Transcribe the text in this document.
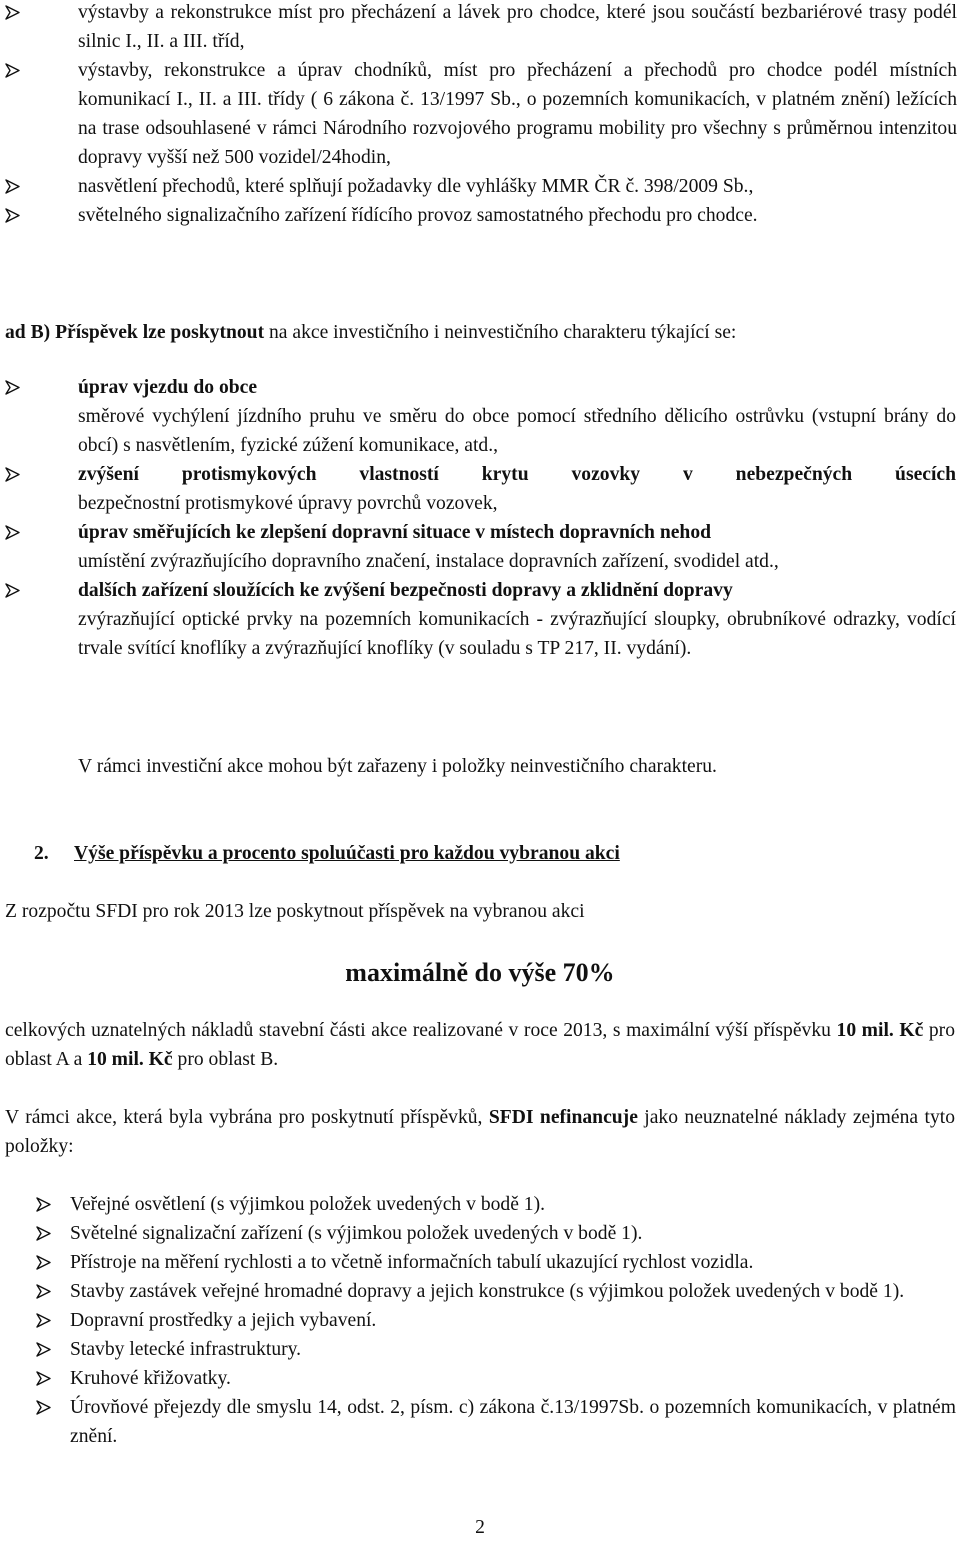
výstavby a rekonstrukce míst pro přecházení a lávek pro chodce, které jsou součástí bezbariérové trasy podél silnic I., II. a III. tříd,
výstavby, rekonstrukce a úprav chodníků, míst pro přecházení a přechodů pro chodce podél místních komunikací I., II. a III. třídy ( 6 zákona č. 13/1997 Sb., o pozemních komunikacích, v platném znění) ležících na trase odsouhlasené v rámci Národního rozvojového programu mobility pro všechny s průměrnou intenzitou dopravy vyšší než 500 vozidel/24hodin,
nasvětlení přechodů, které splňují požadavky dle vyhlášky MMR ČR č. 398/2009 Sb.,
světelného signalizačního zařízení řídícího provoz samostatného přechodu pro chodce.
ad B) Příspěvek lze poskytnout na akce investičního i neinvestičního charakteru týkající se:
úprav vjezdu do obce
směrové vychýlení jízdního pruhu ve směru do obce pomocí středního dělicího ostrůvku (vstupní brány do obcí) s nasvětlením, fyzické zúžení komunikace, atd.,
zvýšení protismykových vlastností krytu vozovky v nebezpečných úsecích
bezpečnostní protismykové úpravy povrchů vozovek,
úprav směřujících ke zlepšení dopravní situace v místech dopravních nehod
umístění zvýrazňujícího dopravního značení, instalace dopravních zařízení, svodidel atd.,
dalších zařízení sloužících ke zvýšení bezpečnosti dopravy a zklidnění dopravy
zvýrazňující optické prvky na pozemních komunikacích - zvýrazňující sloupky, obrubníkové odrazky, vodící trvale svítící knoflíky a zvýrazňující knoflíky (v souladu s TP 217, II. vydání).
V rámci investiční akce mohou být zařazeny i položky neinvestičního charakteru.
2. Výše příspěvku a procento spoluúčasti pro každou vybranou akci
Z rozpočtu SFDI pro rok 2013 lze poskytnout příspěvek na vybranou akci
maximálně do výše 70%
celkových uznatelných nákladů stavební části akce realizované v roce 2013, s maximální výší příspěvku 10 mil. Kč pro oblast A a 10 mil. Kč pro oblast B.
V rámci akce, která byla vybrána pro poskytnutí příspěvků, SFDI nefinancuje jako neuznatelné náklady zejména tyto položky:
Veřejné osvětlení (s výjimkou položek uvedených v bodě 1).
Světelné signalizační zařízení (s výjimkou položek uvedených v bodě 1).
Přístroje na měření rychlosti a to včetně informačních tabulí ukazující rychlost vozidla.
Stavby zastávek veřejné hromadné dopravy a jejich konstrukce (s výjimkou položek uvedených v bodě 1).
Dopravní prostředky a jejich vybavení.
Stavby letecké infrastruktury.
Kruhové křižovatky.
Úrovňové přejezdy dle smyslu 14, odst. 2, písm. c) zákona č.13/1997Sb. o pozemních komunikacích, v platném znění.
2
